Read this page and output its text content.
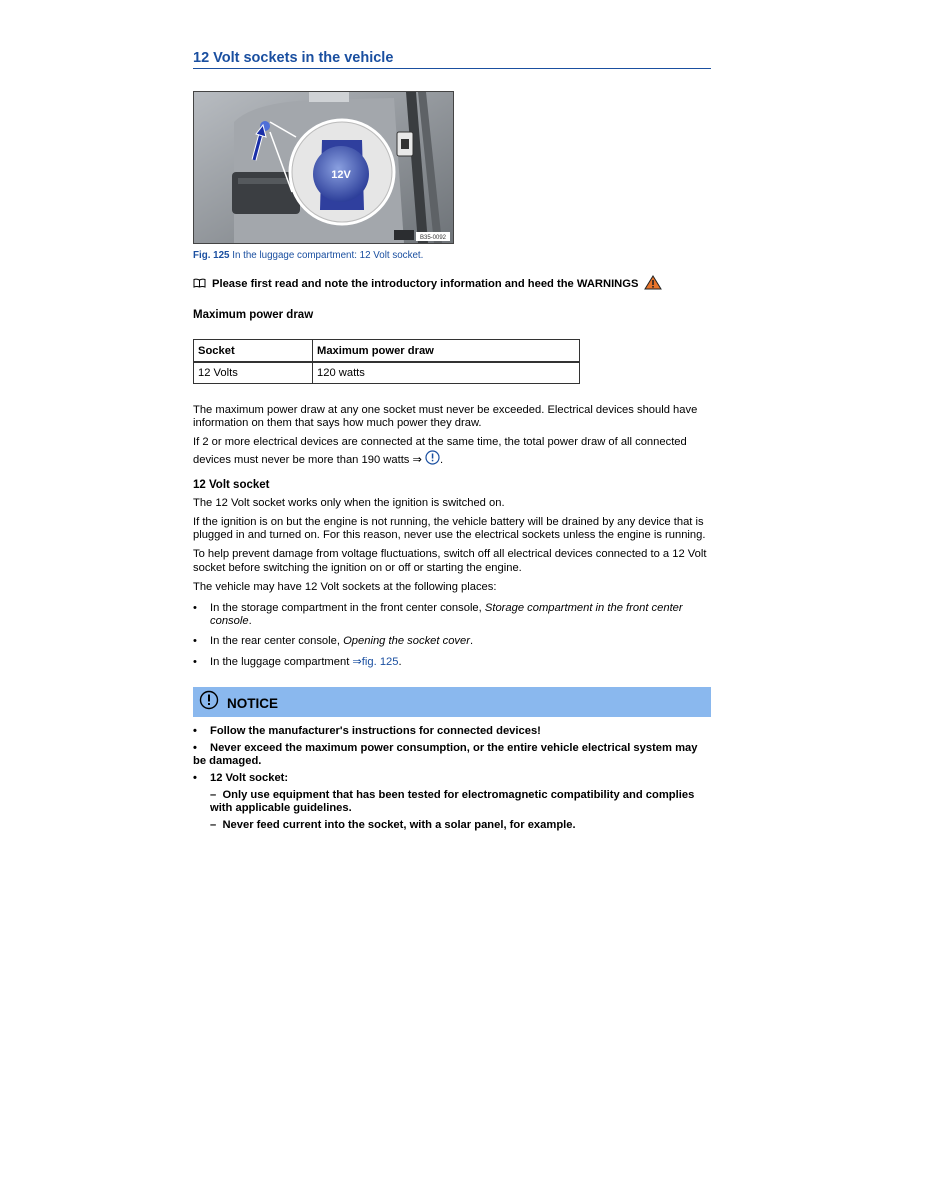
12 Volt sockets in the vehicle
12V
B35-0092
Fig. 125 In the luggage compartment: 12 Volt socket.
Please first read and note the introductory information and heed the WARNINGS
Maximum power draw
Socket	Maximum power draw
12 Volts	120 watts

The maximum power draw at any one socket must never be exceeded. Electrical devices should have information on them that says how much power they draw.

If 2 or more electrical devices are connected at the same time, the total power draw of all connected devices must never be more than 190 watts ⇒ .

12 Volt socket

The 12 Volt socket works only when the ignition is switched on.

If the ignition is on but the engine is not running, the vehicle battery will be drained by any device that is plugged in and turned on. For this reason, never use the electrical sockets unless the engine is running.

To help prevent damage from voltage fluctuations, switch off all electrical devices connected to a 12 Volt socket before switching the ignition on or off or starting the engine.

The vehicle may have 12 Volt sockets at the following places:

• In the storage compartment in the front center console, Storage compartment in the front center console.
• In the rear center console, Opening the socket cover.
• In the luggage compartment ⇒fig. 125.
NOTICE
• Follow the manufacturer's instructions for connected devices!
• Never exceed the maximum power consumption, or the entire vehicle electrical system may be damaged.
• 12 Volt socket:
– Only use equipment that has been tested for electromagnetic compatibility and complies with applicable guidelines.
– Never feed current into the socket, with a solar panel, for example.
